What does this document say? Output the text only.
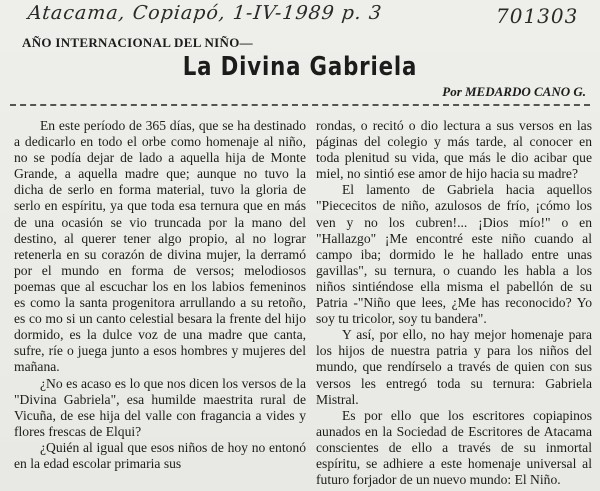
Atacama, Copiapó, 1-IV-1989 p. 3	701303
AÑO INTERNACIONAL DEL NIÑO—
La Divina Gabriela
Por MEDARDO CANO G.

En este período de 365 días, que se ha destinado a dedicarlo en todo el orbe como homenaje al niño, no se podía dejar de lado a aquella hija de Monte Grande, a aquella madre que; aunque no tuvo la dicha de serlo en forma material, tuvo la gloria de serlo en espíritu, ya que toda esa ternura que en más de una ocasión se vio truncada por la mano del destino, al querer tener algo propio, al no lograr retenerla en su corazón de divina mujer, la derramó por el mundo en forma de versos; melodiosos poemas que al escuchar los en los labios femeninos es como la santa progenitora arrullando a su retoño, es co mo si un canto celestial besara la frente del hijo dormido, es la dulce voz de una madre que canta, sufre, ríe o juega junto a esos hombres y mujeres del mañana.

¿No es acaso es lo que nos dicen los versos de la "Divina Gabriela", esa humilde maestrita rural de Vicuña, de ese hija del valle con fragancia a vides y flores frescas de Elqui?

¿Quién al igual que esos niños de hoy no entonó en la edad escolar primaria sus

rondas, o recitó o dio lectura a sus versos en las páginas del colegio y más tarde, al conocer en toda plenitud su vida, que más le dio acibar que miel, no sintió ese amor de hijo hacia su madre?

El lamento de Gabriela hacia aquellos "Piececitos de niño, azulosos de frío, ¡cómo los ven y no los cubren!... ¡Dios mío!" o en "Hallazgo" ¡Me encontré este niño cuando al campo iba; dormido le he hallado entre unas gavillas", su ternura, o cuando les habla a los niños sintiéndose ella misma el pabellón de su Patria -"Niño que lees, ¿Me has reconocido? Yo soy tu tricolor, soy tu bandera".

Y así, por ello, no hay mejor homenaje para los hijos de nuestra patria y para los niños del mundo, que rendírselo a través de quien con sus versos les entregó toda su ternura: Gabriela Mistral.

Es por ello que los escritores copiapinos aunados en la Sociedad de Escritores de Atacama conscientes de ello a través de su inmortal espíritu, se adhiere a este homenaje universal al futuro forjador de un nuevo mundo: El Niño.
